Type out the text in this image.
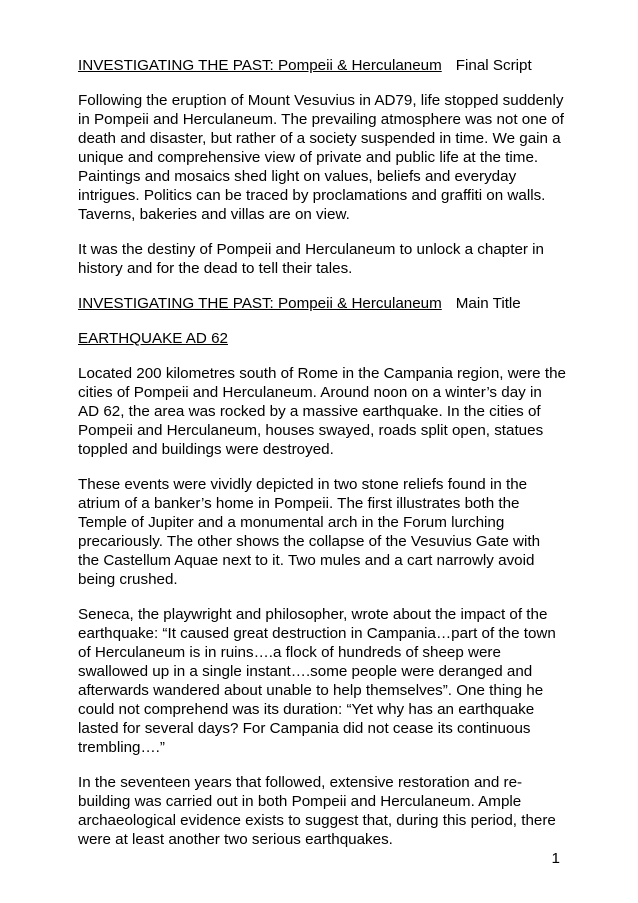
INVESTIGATING THE PAST: Pompeii & Herculaneum Final Script
Following the eruption of Mount Vesuvius in AD79, life stopped suddenly
in Pompeii and Herculaneum. The prevailing atmosphere was not one of
death and disaster, but rather of a society suspended in time. We gain a
unique and comprehensive view of private and public life at the time.
Paintings and mosaics shed light on values, beliefs and everyday
intrigues. Politics can be traced by proclamations and graffiti on walls.
Taverns, bakeries and villas are on view.
It was the destiny of Pompeii and Herculaneum to unlock a chapter in
history and for the dead to tell their tales.
INVESTIGATING THE PAST: Pompeii & Herculaneum Main Title
EARTHQUAKE AD 62
Located 200 kilometres south of Rome in the Campania region, were the
cities of Pompeii and Herculaneum. Around noon on a winter’s day in
AD 62, the area was rocked by a massive earthquake. In the cities of
Pompeii and Herculaneum, houses swayed, roads split open, statues
toppled and buildings were destroyed.
These events were vividly depicted in two stone reliefs found in the
atrium of a banker’s home in Pompeii. The first illustrates both the
Temple of Jupiter and a monumental arch in the Forum lurching
precariously. The other shows the collapse of the Vesuvius Gate with
the Castellum Aquae next to it. Two mules and a cart narrowly avoid
being crushed.
Seneca, the playwright and philosopher, wrote about the impact of the
earthquake: “It caused great destruction in Campania…part of the town
of Herculaneum is in ruins….a flock of hundreds of sheep were
swallowed up in a single instant….some people were deranged and
afterwards wandered about unable to help themselves”. One thing he
could not comprehend was its duration: “Yet why has an earthquake
lasted for several days? For Campania did not cease its continuous
trembling….”
In the seventeen years that followed, extensive restoration and re-
building was carried out in both Pompeii and Herculaneum. Ample
archaeological evidence exists to suggest that, during this period, there
were at least another two serious earthquakes.
1
